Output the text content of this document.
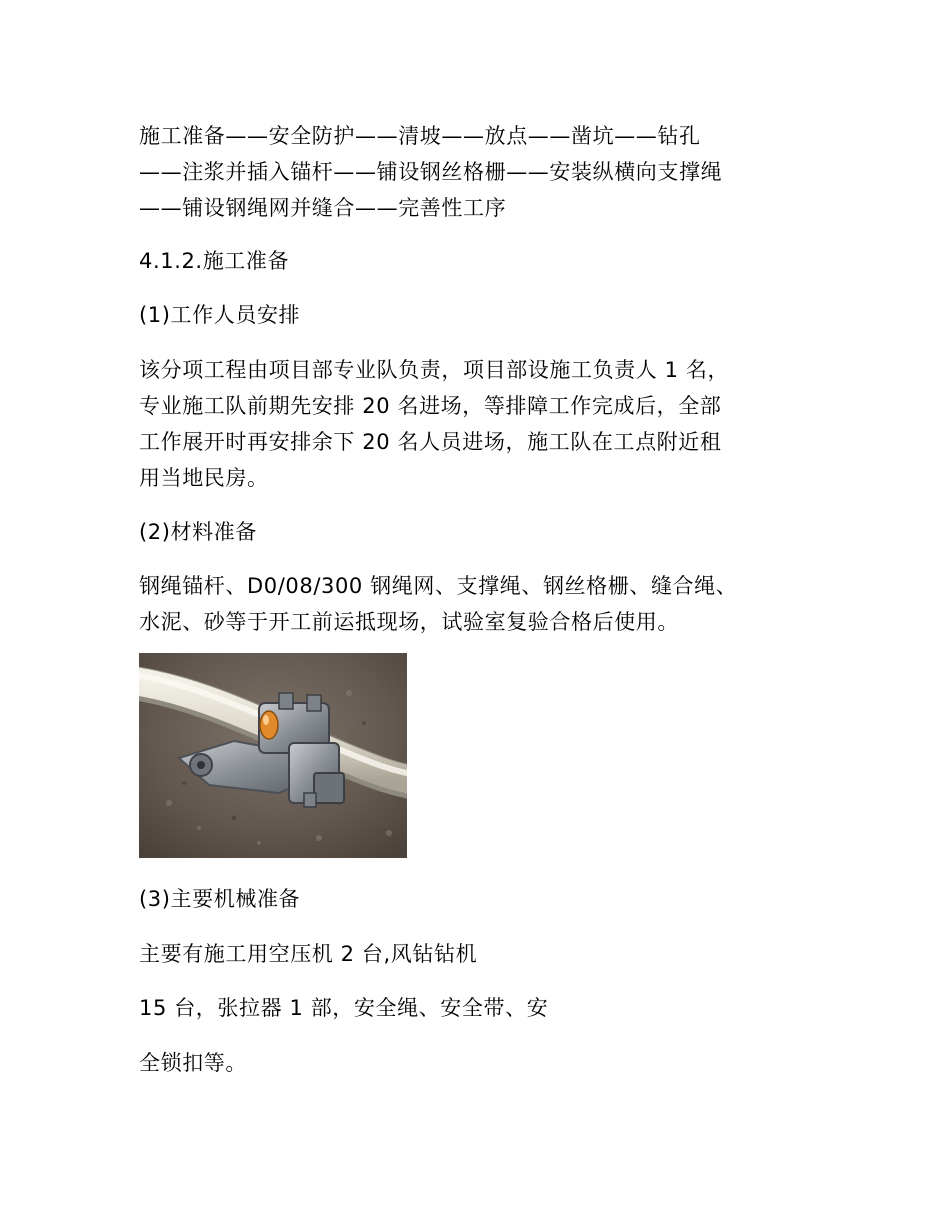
施工准备——安全防护——清坡——放点——凿坑——钻孔
——注浆并插入锚杆——铺设钢丝格栅——安装纵横向支撑绳
——铺设钢绳网并缝合——完善性工序
4.1.2.施工准备
(1)工作人员安排
该分项工程由项目部专业队负责，项目部设施工负责人 1 名，
专业施工队前期先安排 20 名进场，等排障工作完成后，全部
工作展开时再安排余下 20 名人员进场，施工队在工点附近租
用当地民房。
(2)材料准备
钢绳锚杆、D0/08/300 钢绳网、支撑绳、钢丝格栅、缝合绳、
水泥、砂等于开工前运抵现场，试验室复验合格后使用。
(3)主要机械准备
主要有施工用空压机 2 台,风钻钻机
15 台，张拉器 1 部，安全绳、安全带、安
全锁扣等。
